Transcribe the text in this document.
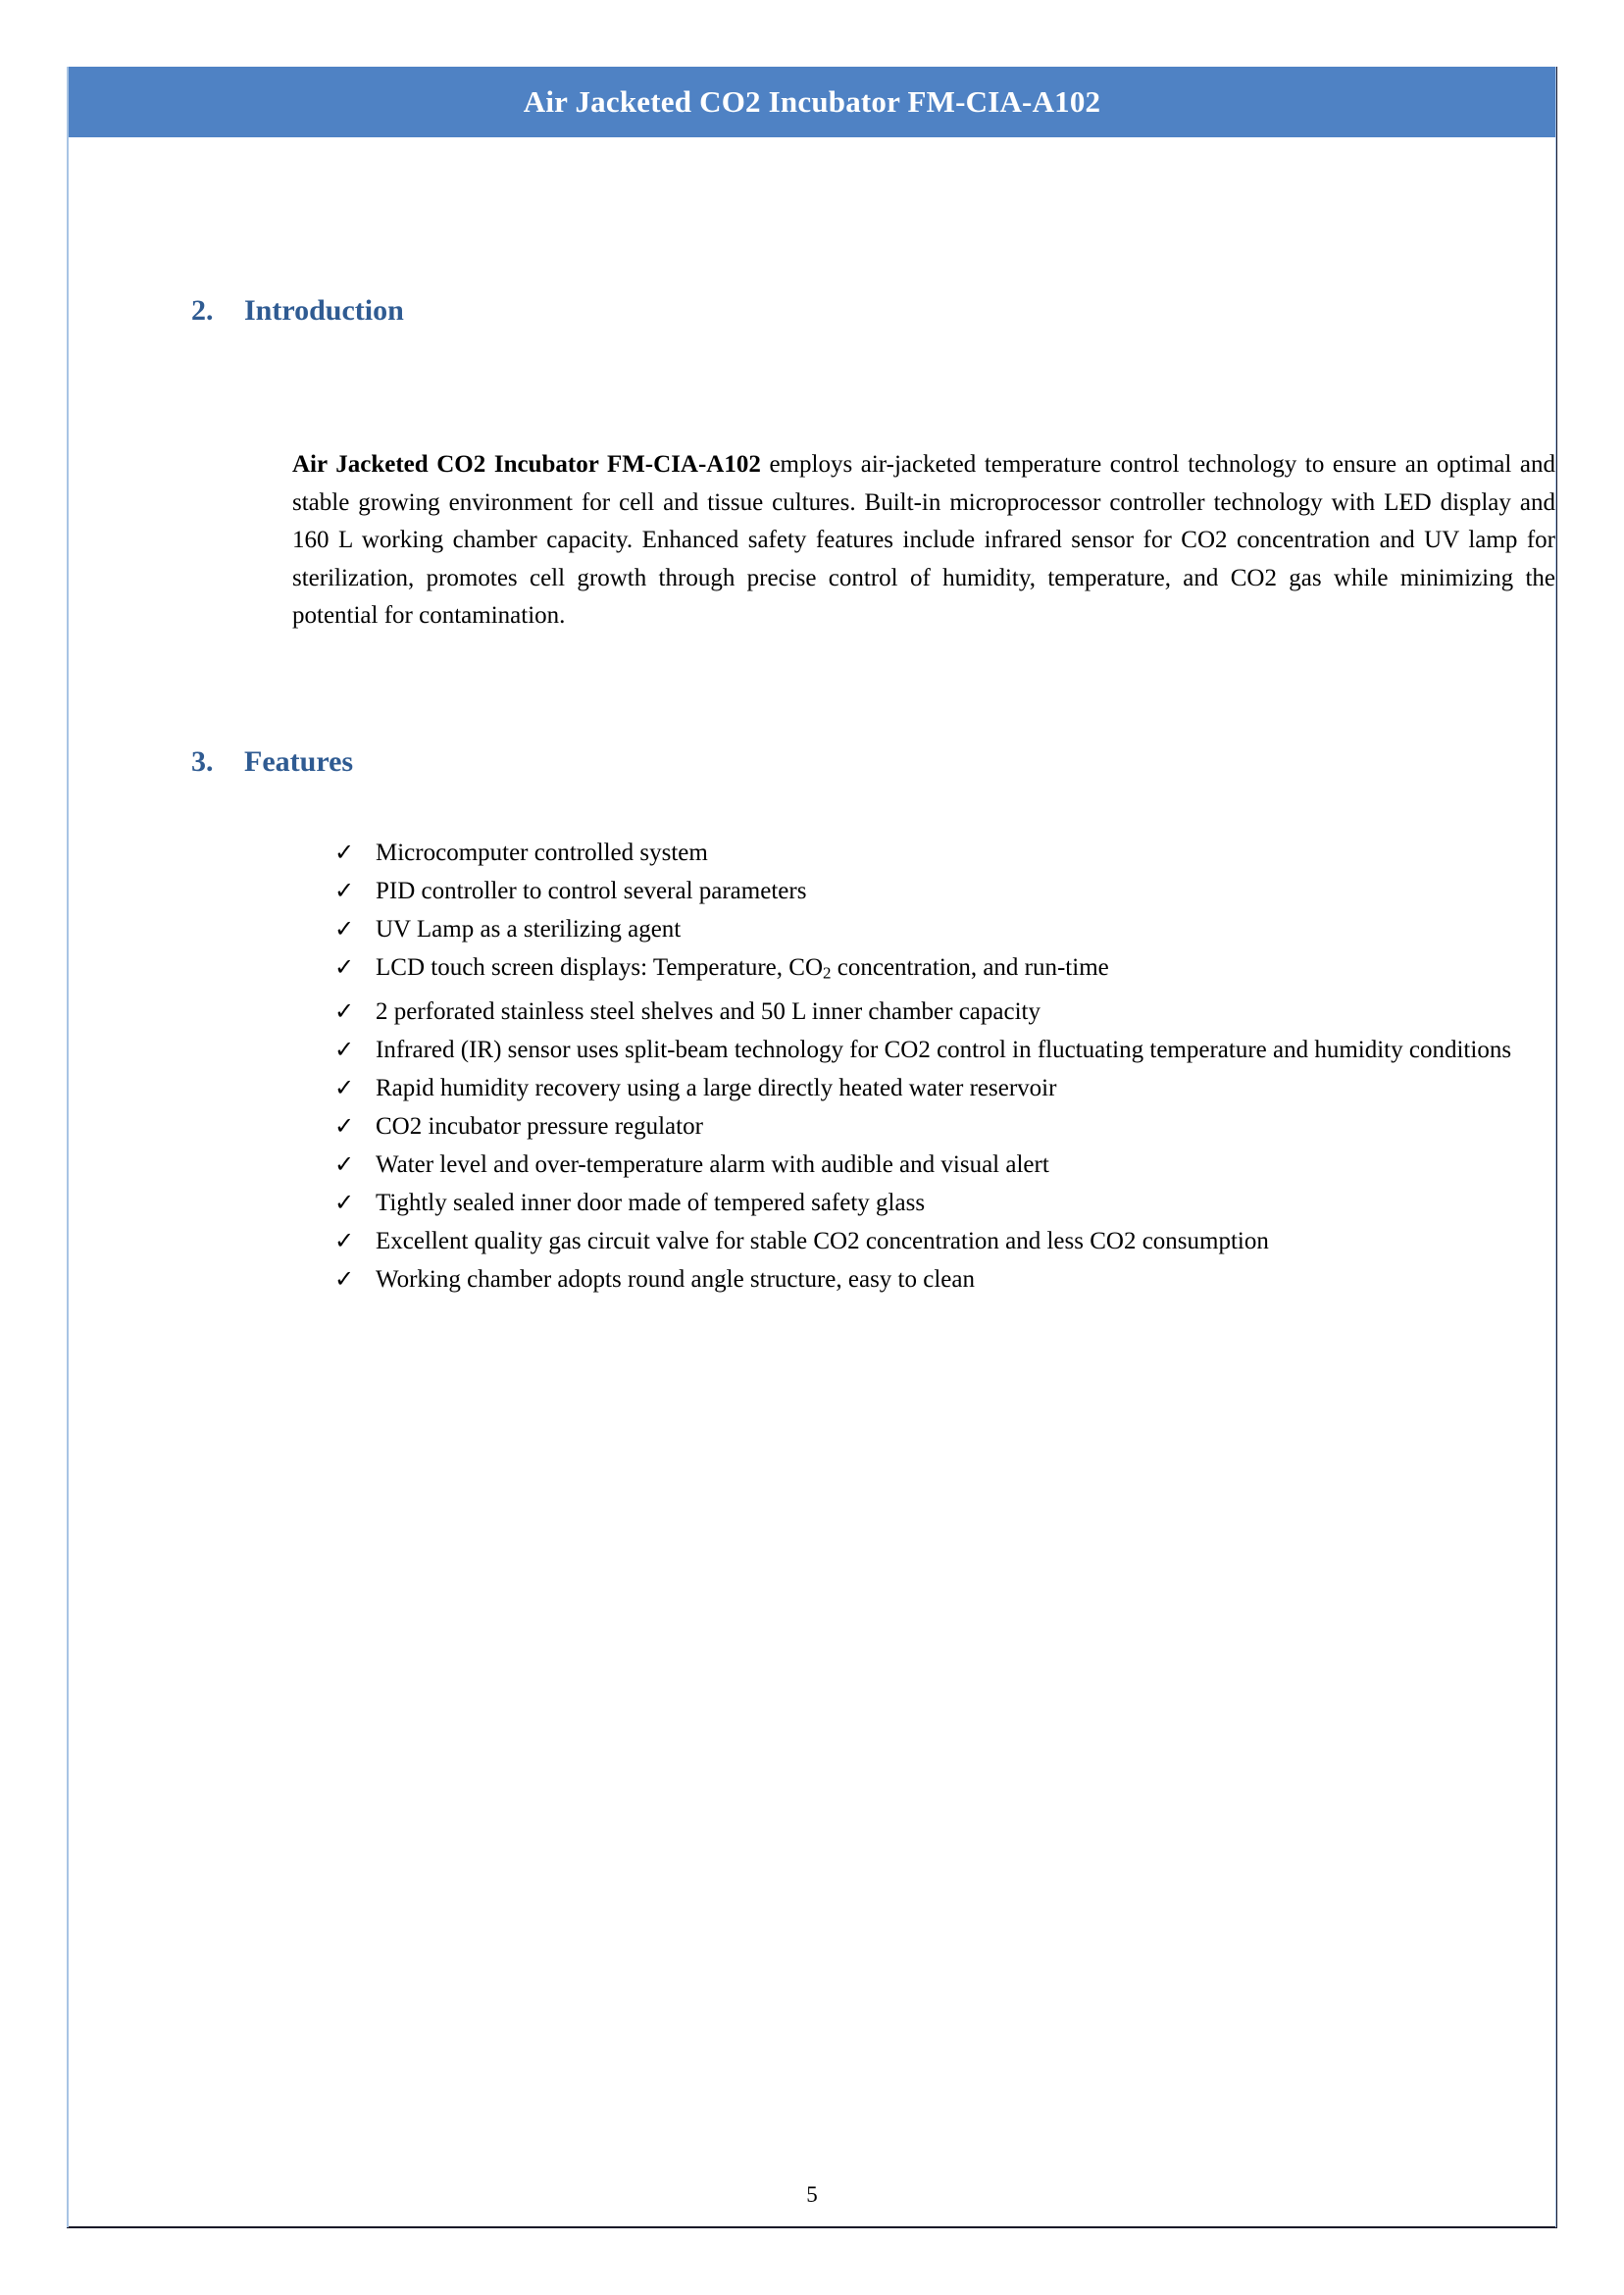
Air Jacketed CO2 Incubator FM-CIA-A102
2.	Introduction

Air Jacketed CO2 Incubator FM-CIA-A102 employs air-jacketed temperature control technology to ensure an optimal and stable growing environment for cell and tissue cultures. Built-in microprocessor controller technology with LED display and 160 L working chamber capacity. Enhanced safety features include infrared sensor for CO2 concentration and UV lamp for sterilization, promotes cell growth through precise control of humidity, temperature, and CO2 gas while minimizing the potential for contamination.

3.	Features
✓ Microcomputer controlled system
✓ PID controller to control several parameters
✓ UV Lamp as a sterilizing agent
✓ LCD touch screen displays: Temperature, $CO_2$ concentration, and run-time
✓ 2 perforated stainless steel shelves and 50 L inner chamber capacity
✓ Infrared (IR) sensor uses split-beam technology for CO2 control in fluctuating temperature and humidity conditions
✓ Rapid humidity recovery using a large directly heated water reservoir
✓ CO2 incubator pressure regulator
✓ Water level and over-temperature alarm with audible and visual alert
✓ Tightly sealed inner door made of tempered safety glass
✓ Excellent quality gas circuit valve for stable CO2 concentration and less CO2 consumption
✓ Working chamber adopts round angle structure, easy to clean
5
